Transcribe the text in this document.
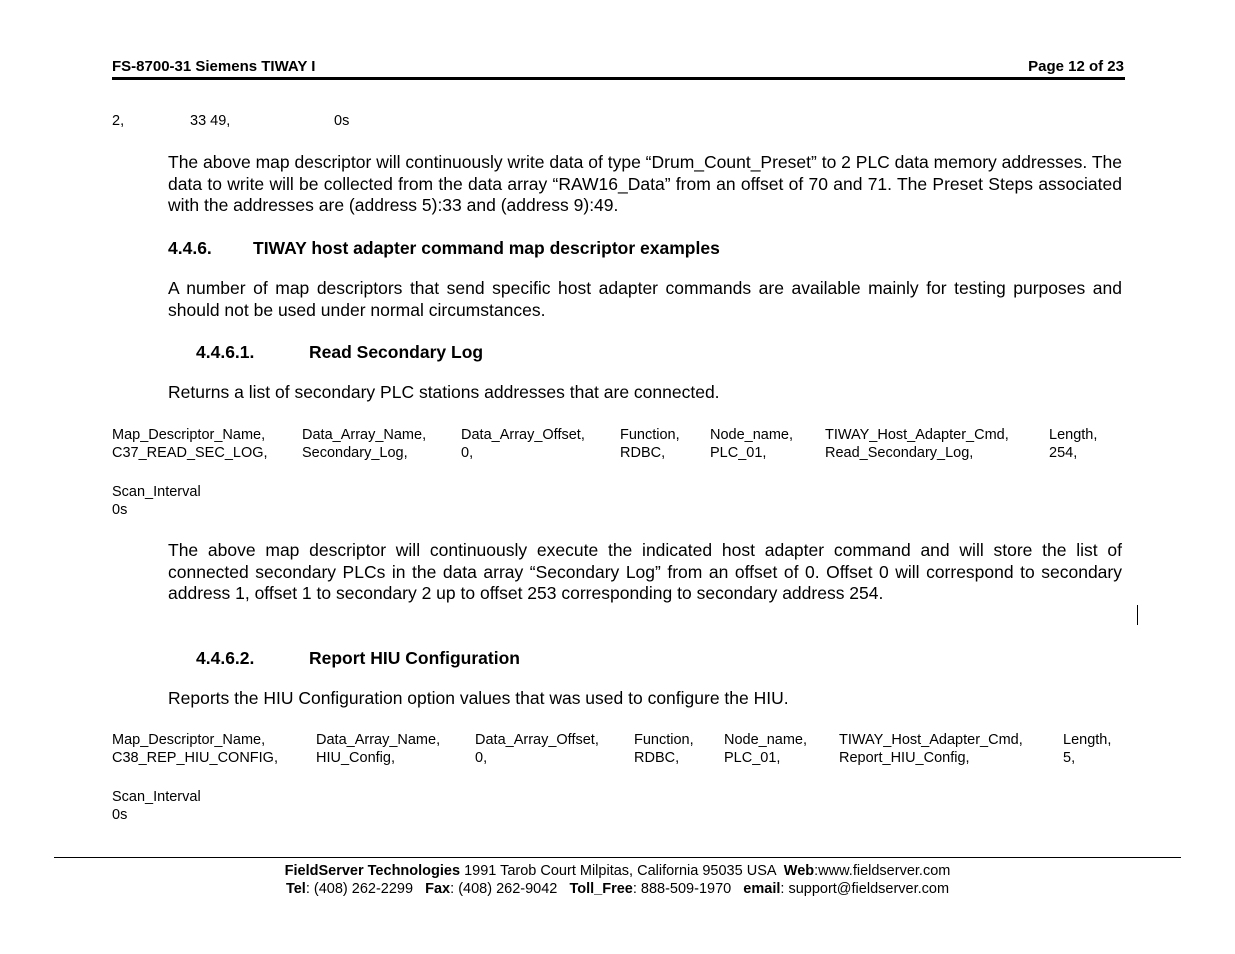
FS-8700-31 Siemens TIWAY I	Page 12 of 23
2,	33 49,	0s
The above map descriptor will continuously write data of type “Drum_Count_Preset” to 2 PLC data memory addresses. The data to write will be collected from the data array “RAW16_Data” from an offset of 70 and 71. The Preset Steps associated with the addresses are (address 5):33 and (address 9):49.
4.4.6. TIWAY host adapter command map descriptor examples
A number of map descriptors that send specific host adapter commands are available mainly for testing purposes and should not be used under normal circumstances.
4.4.6.1.	Read Secondary Log
Returns a list of secondary PLC stations addresses that are connected.
Map_Descriptor_Name,	Data_Array_Name, Data_Array_Offset, Function, Node_name, TIWAY_Host_Adapter_Cmd,	Length,
C37_READ_SEC_LOG, Secondary_Log,	0,	RDBC,	PLC_01,	Read_Secondary_Log,	254,
Scan_Interval
0s
The above map descriptor will continuously execute the indicated host adapter command and will store the list of connected secondary PLCs in the data array “Secondary Log” from an offset of 0. Offset 0 will correspond to secondary address 1, offset 1 to secondary 2 up to offset 253 corresponding to secondary address 254.
4.4.6.2.	Report HIU Configuration
Reports the HIU Configuration option values that was used to configure the HIU.
Map_Descriptor_Name,	Data_Array_Name, Data_Array_Offset, Function, Node_name, TIWAY_Host_Adapter_Cmd,	Length,
C38_REP_HIU_CONFIG,	HIU_Config,	0,	RDBC,	PLC_01,	Report_HIU_Config,	5,
Scan_Interval
0s
FieldServer Technologies 1991 Tarob Court Milpitas, California 95035 USA  Web:www.fieldserver.com
Tel: (408) 262-2299   Fax: (408) 262-9042   Toll_Free: 888-509-1970   email: support@fieldserver.com
